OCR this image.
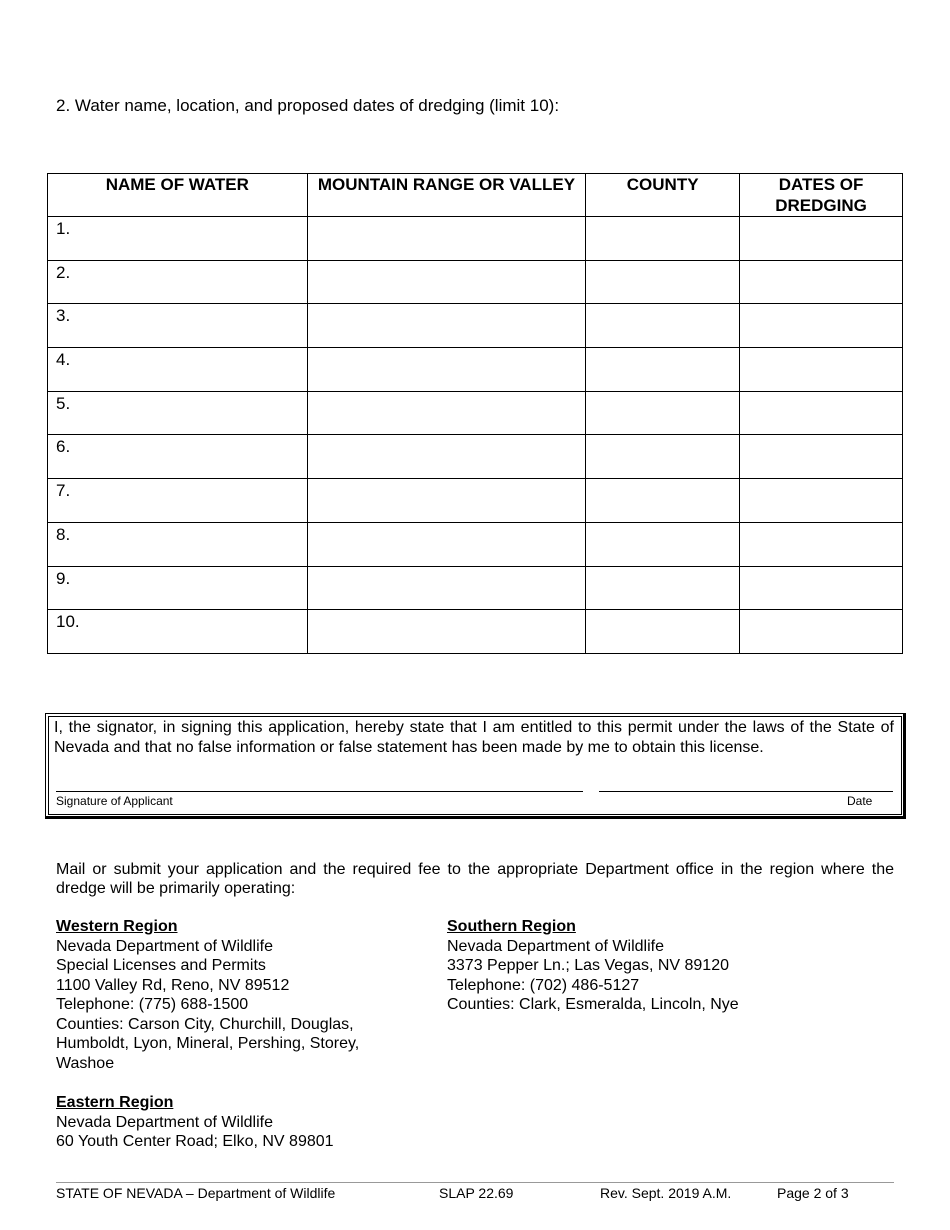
2. Water name, location, and proposed dates of dredging (limit 10):
NAME OF WATER	MOUNTAIN RANGE OR VALLEY	COUNTY	DATES OF DREDGING
1.			
2.			
3.			
4.			
5.			
6.			
7.			
8.			
9.			
10.			
I, the signator, in signing this application, hereby state that I am entitled to this permit under the laws of the State of Nevada and that no false information or false statement has been made by me to obtain this license.
Signature of Applicant	Date
Mail or submit your application and the required fee to the appropriate Department office in the region where the dredge will be primarily operating:
Western Region
Nevada Department of Wildlife
Special Licenses and Permits
1100 Valley Rd, Reno, NV 89512
Telephone: (775) 688-1500
Counties: Carson City, Churchill, Douglas,
Humboldt, Lyon, Mineral, Pershing, Storey,
Washoe
Southern Region
Nevada Department of Wildlife
3373 Pepper Ln.; Las Vegas, NV 89120
Telephone: (702) 486-5127
Counties: Clark, Esmeralda, Lincoln, Nye
Eastern Region
Nevada Department of Wildlife
60 Youth Center Road; Elko, NV 89801
STATE OF NEVADA – Department of Wildlife	SLAP 22.69	Rev. Sept. 2019 A.M.	Page 2 of 3
